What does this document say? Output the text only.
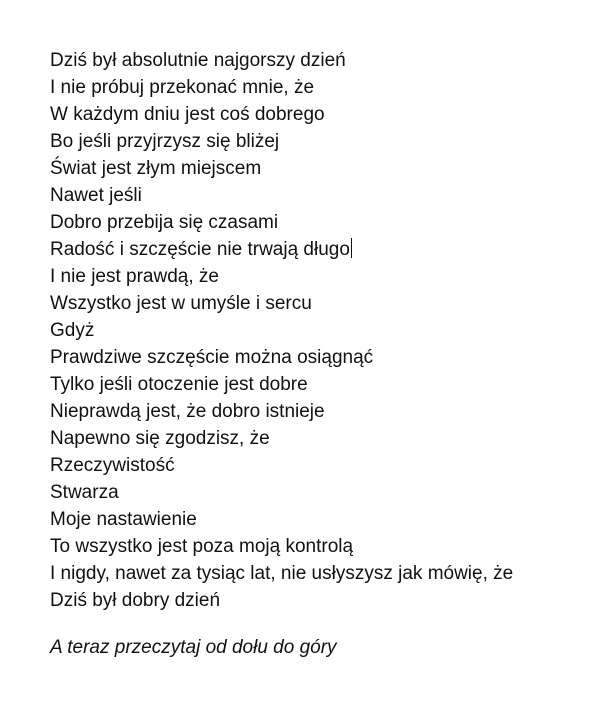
Dziś był absolutnie najgorszy dzień
I nie próbuj przekonać mnie, że
W każdym dniu jest coś dobrego
Bo jeśli przyjrzysz się bliżej
Świat jest złym miejscem
Nawet jeśli
Dobro przebija się czasami
Radość i szczęście nie trwają długo
I nie jest prawdą, że
Wszystko jest w umyśle i sercu
Gdyż
Prawdziwe szczęście można osiągnąć
Tylko jeśli otoczenie jest dobre
Nieprawdą jest, że dobro istnieje
Napewno się zgodzisz, że
Rzeczywistość
Stwarza
Moje nastawienie
To wszystko jest poza moją kontrolą
I nigdy, nawet za tysiąc lat, nie usłyszysz jak mówię, że
Dziś był dobry dzień
A teraz przeczytaj od dołu do góry
